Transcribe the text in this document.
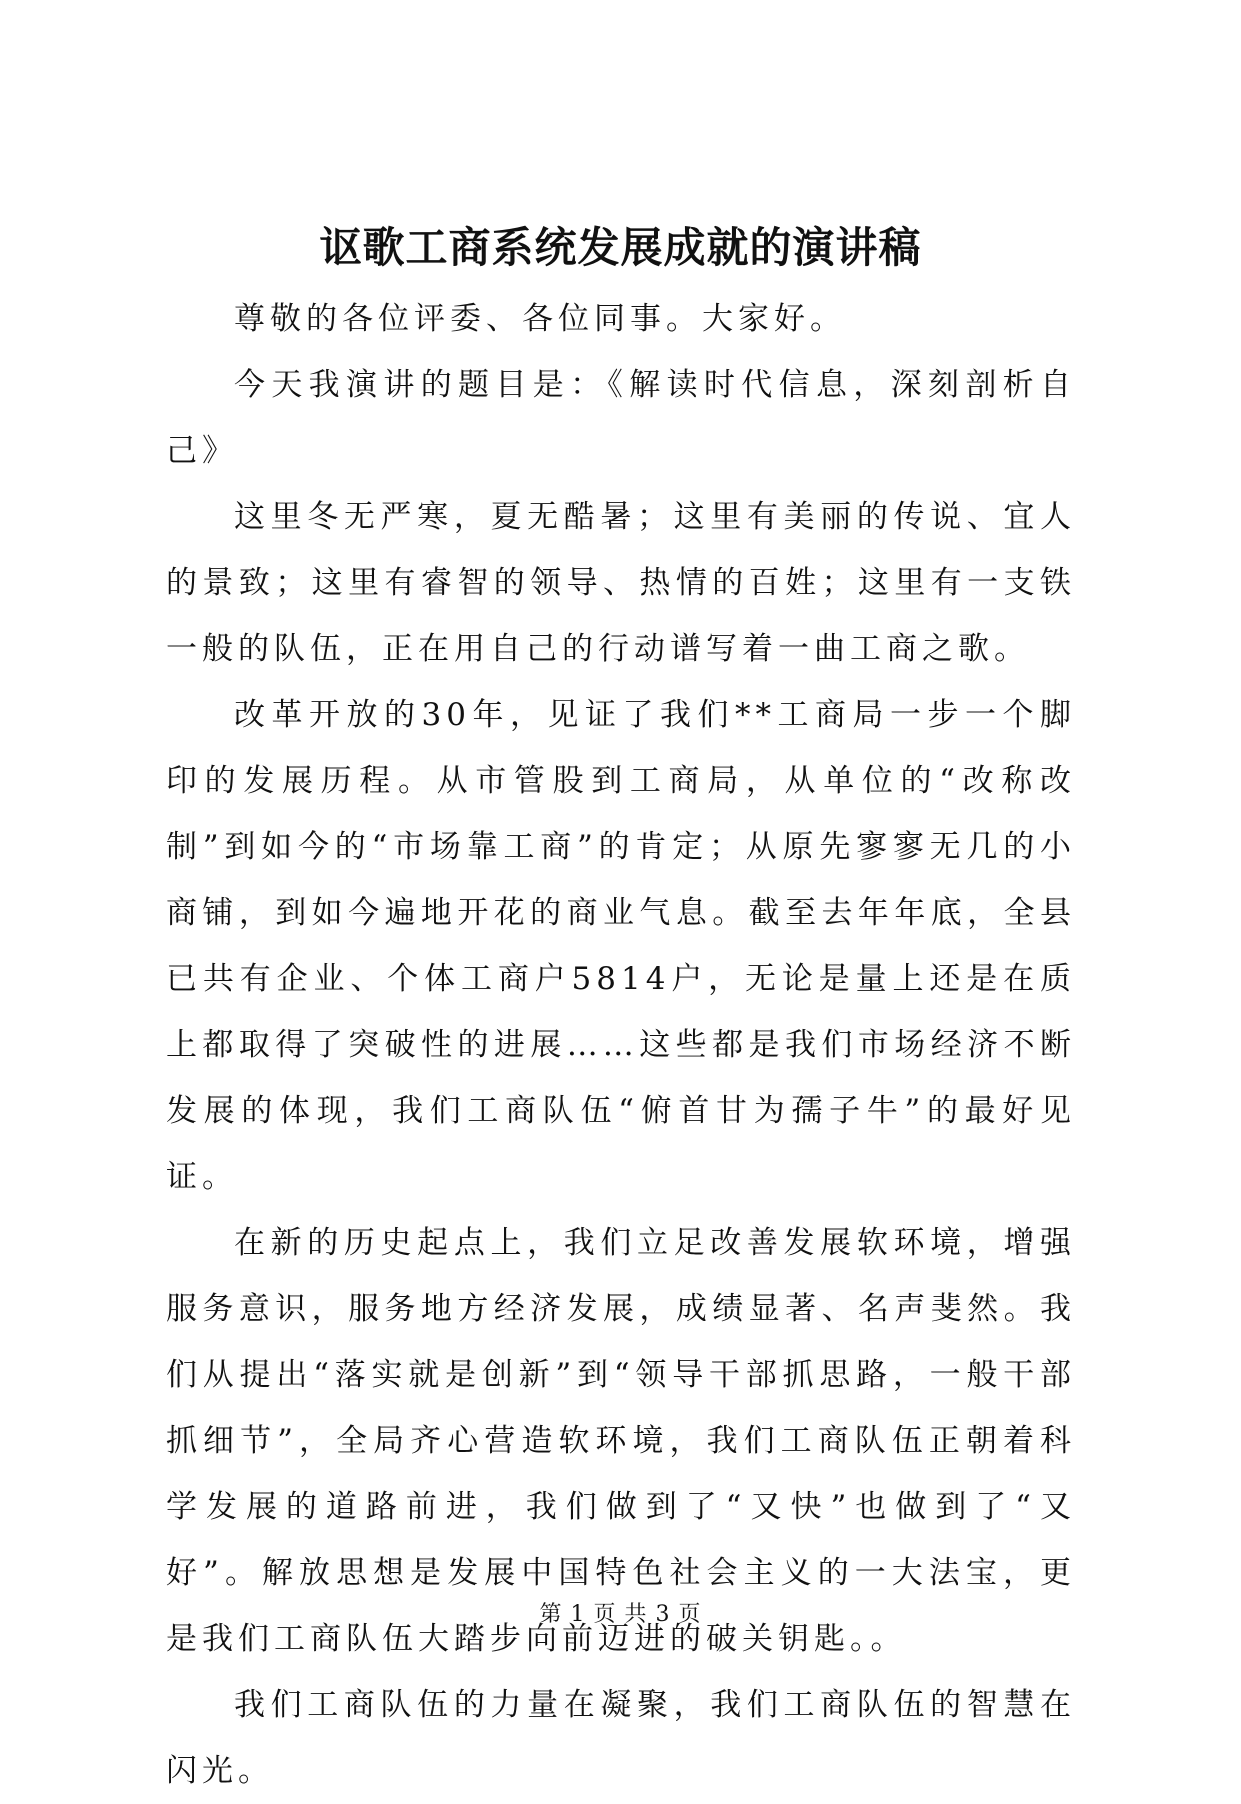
讴歌工商系统发展成就的演讲稿

尊敬的各位评委、各位同事。大家好。

今天我演讲的题目是：《解读时代信息，深刻剖析自己》

这里冬无严寒，夏无酷暑；这里有美丽的传说、宜人的景致；这里有睿智的领导、热情的百姓；这里有一支铁一般的队伍，正在用自己的行动谱写着一曲工商之歌。

改革开放的30年，见证了我们**工商局一步一个脚印的发展历程。从市管股到工商局，从单位的“改称改制”到如今的“市场靠工商”的肯定；从原先寥寥无几的小商铺，到如今遍地开花的商业气息。截至去年年底，全县已共有企业、个体工商户5814户，无论是量上还是在质上都取得了突破性的进展……这些都是我们市场经济不断发展的体现，我们工商队伍“俯首甘为孺子牛”的最好见证。

在新的历史起点上，我们立足改善发展软环境，增强服务意识，服务地方经济发展，成绩显著、名声斐然。我们从提出“落实就是创新”到“领导干部抓思路，一般干部抓细节”，全局齐心营造软环境，我们工商队伍正朝着科学发展的道路前进，我们做到了“又快”也做到了“又好”。解放思想是发展中国特色社会主义的一大法宝，更是我们工商队伍大踏步向前迈进的破关钥匙。。

我们工商队伍的力量在凝聚，我们工商队伍的智慧在闪光。

第 1 页 共 3 页
